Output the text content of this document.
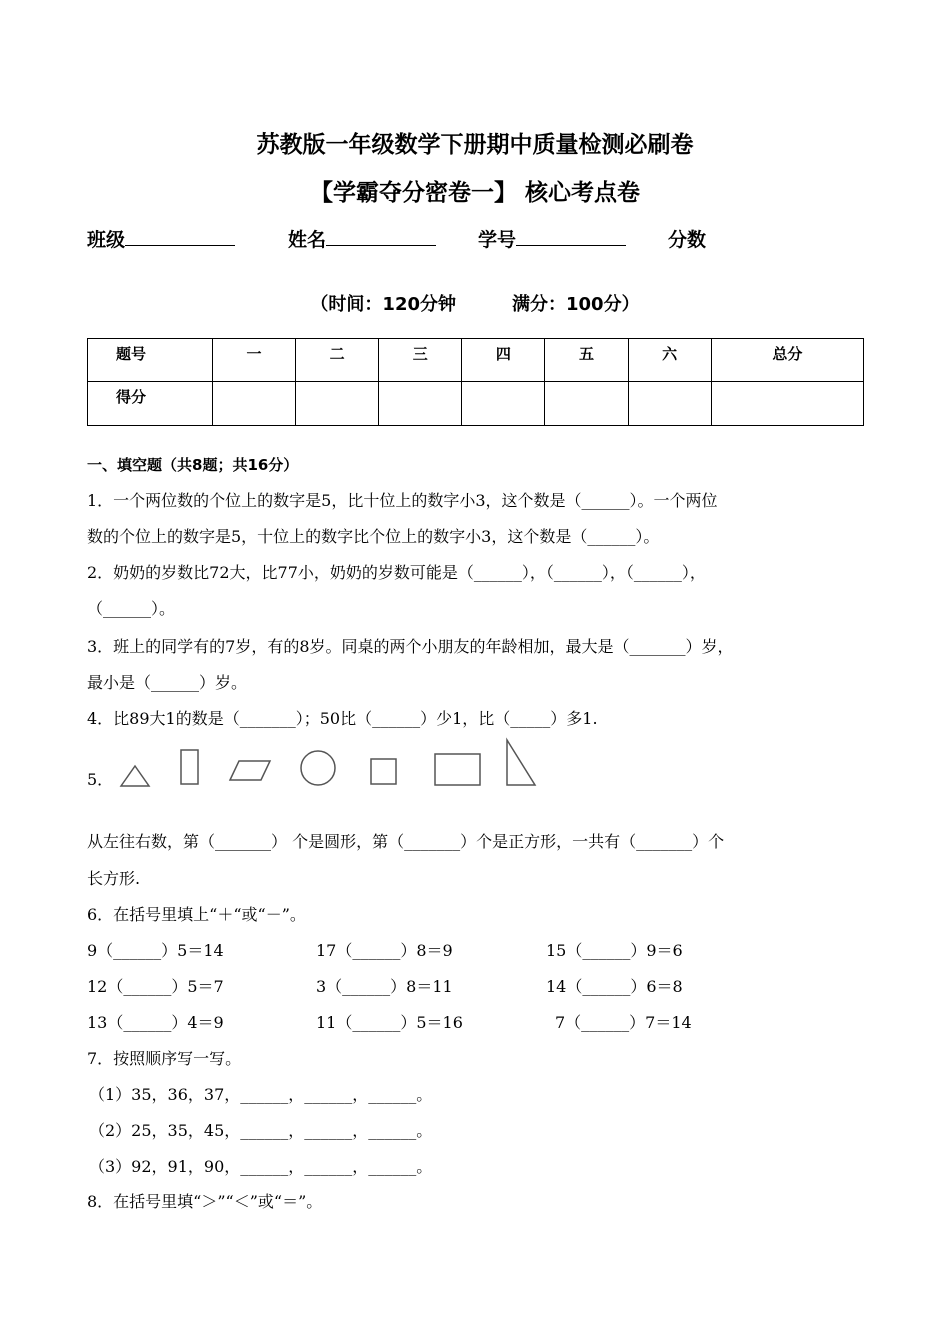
苏教版一年级数学下册期中质量检测必刷卷
【学霸夺分密卷一】 核心考点卷
班级	姓名	学号	分数
（时间：120分钟	满分：100分）
题号	一	二	三	四	五	六	总分
得分							
一、填空题（共8题；共16分）
1．一个两位数的个位上的数字是5，比十位上的数字小3，这个数是（______）。一个两位
数的个位上的数字是5，十位上的数字比个位上的数字小3，这个数是（______）。
2．奶奶的岁数比72大，比77小，奶奶的岁数可能是（______），（______），（______），
（______）。
3．班上的同学有的7岁，有的8岁。同桌的两个小朋友的年龄相加，最大是（_______）岁，
最小是（______）岁。
4．比89大1的数是（_______）；50比（______）少1，比（_____）多1.
5．
从左往右数，第（_______） 个是圆形，第（_______）个是正方形，一共有（_______）个
长方形.
6．在括号里填上“＋“或“－”。
9（______）5＝14	17（______）8＝9	15（______）9＝6
12（______）5＝7	3（______）8＝11	14（______）6＝8
13（______）4＝9	11（______）5＝16	7（______）7＝14
7．按照顺序写一写。
（1）35，36，37，______，______，______。
（2）25，35，45，______，______，______。
（3）92，91，90，______，______，______。
8．在括号里填“＞”“＜”或“＝”。
